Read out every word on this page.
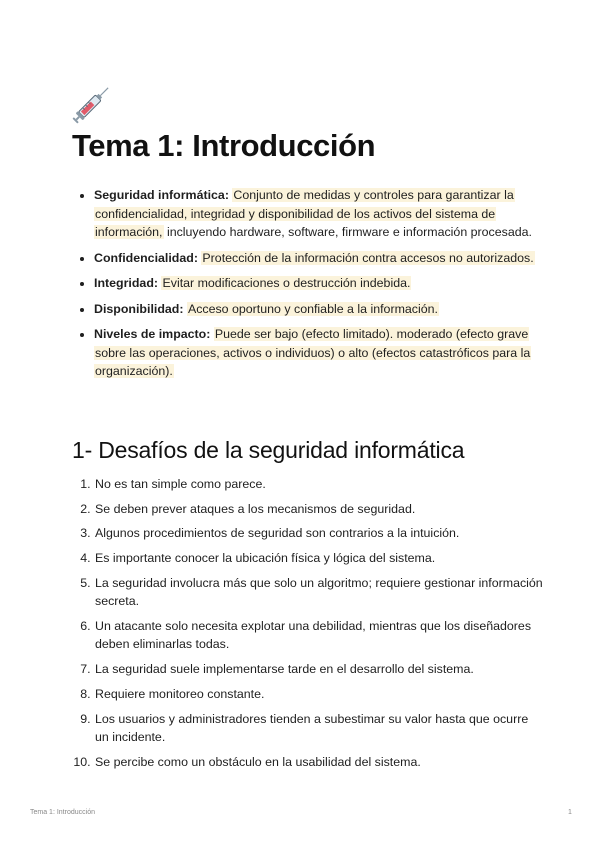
Tema 1: Introducción
• Seguridad informática: Conjunto de medidas y controles para garantizar la confidencialidad, integridad y disponibilidad de los activos del sistema de información, incluyendo hardware, software, firmware e información procesada.
• Confidencialidad: Protección de la información contra accesos no autorizados.
• Integridad: Evitar modificaciones o destrucción indebida.
• Disponibilidad: Acceso oportuno y confiable a la información.
• Niveles de impacto: Puede ser bajo (efecto limitado). moderado (efecto grave sobre las operaciones, activos o individuos) o alto (efectos catastróficos para la organización).
1- Desafíos de la seguridad informática
1. No es tan simple como parece.
2. Se deben prever ataques a los mecanismos de seguridad.
3. Algunos procedimientos de seguridad son contrarios a la intuición.
4. Es importante conocer la ubicación física y lógica del sistema.
5. La seguridad involucra más que solo un algoritmo; requiere gestionar información secreta.
6. Un atacante solo necesita explotar una debilidad, mientras que los diseñadores deben eliminarlas todas.
7. La seguridad suele implementarse tarde en el desarrollo del sistema.
8. Requiere monitoreo constante.
9. Los usuarios y administradores tienden a subestimar su valor hasta que ocurre un incidente.
10. Se percibe como un obstáculo en la usabilidad del sistema.
Tema 1: Introducción	1
